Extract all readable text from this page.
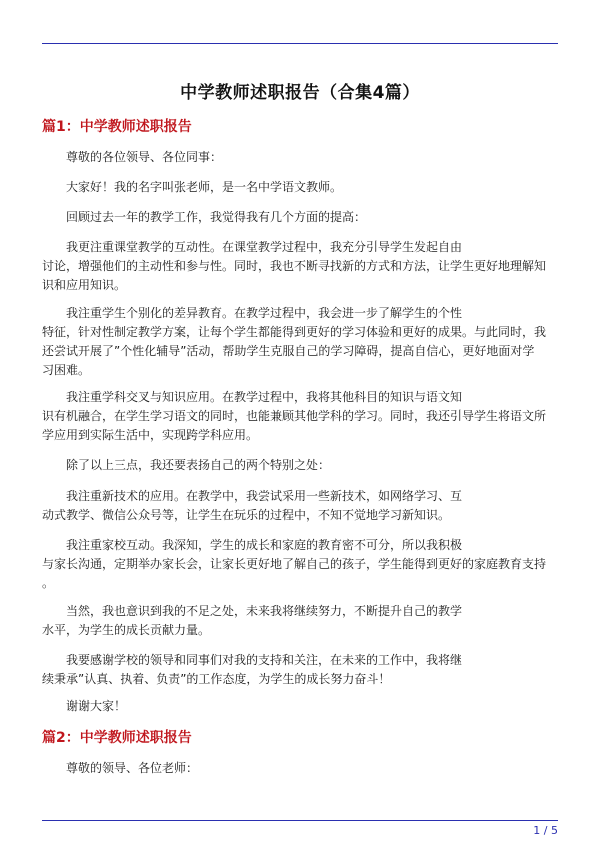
中学教师述职报告（合集4篇）
篇1：中学教师述职报告

尊敬的各位领导、各位同事：

大家好！我的名字叫张老师，是一名中学语文教师。

回顾过去一年的教学工作，我觉得我有几个方面的提高：

我更注重课堂教学的互动性。在课堂教学过程中，我充分引导学生发起自由
讨论，增强他们的主动性和参与性。同时，我也不断寻找新的方式和方法，让学生更好地理解知
识和应用知识。

我注重学生个别化的差异教育。在教学过程中，我会进一步了解学生的个性
特征，针对性制定教学方案，让每个学生都能得到更好的学习体验和更好的成果。与此同时，我
还尝试开展了”个性化辅导”活动，帮助学生克服自己的学习障碍，提高自信心，更好地面对学
习困难。

我注重学科交叉与知识应用。在教学过程中，我将其他科目的知识与语文知
识有机融合，在学生学习语文的同时，也能兼顾其他学科的学习。同时，我还引导学生将语文所
学应用到实际生活中，实现跨学科应用。

除了以上三点，我还要表扬自己的两个特别之处：

我注重新技术的应用。在教学中，我尝试采用一些新技术，如网络学习、互
动式教学、微信公众号等，让学生在玩乐的过程中，不知不觉地学习新知识。

我注重家校互动。我深知，学生的成长和家庭的教育密不可分，所以我积极
与家长沟通，定期举办家长会，让家长更好地了解自己的孩子，学生能得到更好的家庭教育支持
。

当然，我也意识到我的不足之处，未来我将继续努力，不断提升自己的教学
水平，为学生的成长贡献力量。

我要感谢学校的领导和同事们对我的支持和关注，在未来的工作中，我将继
续秉承”认真、执着、负责”的工作态度，为学生的成长努力奋斗！

谢谢大家！

篇2：中学教师述职报告

尊敬的领导、各位老师：

1 / 5
